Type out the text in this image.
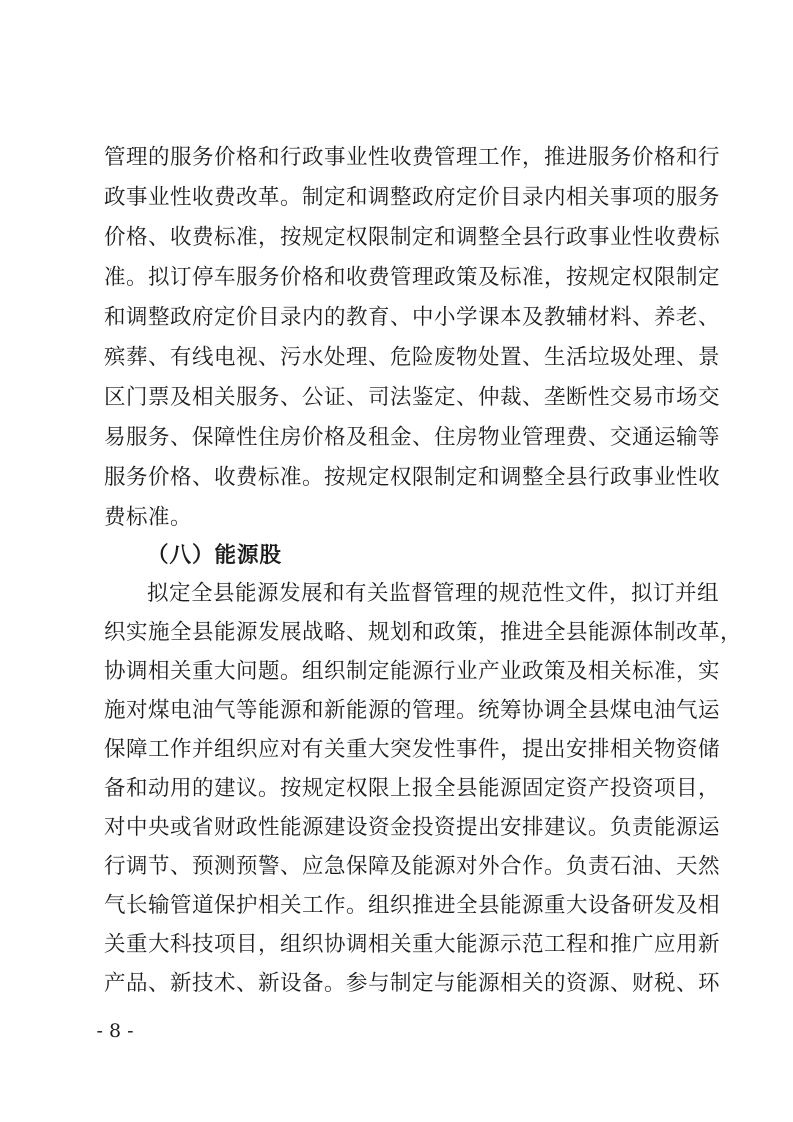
管理的服务价格和行政事业性收费管理工作，推进服务价格和行
政事业性收费改革。制定和调整政府定价目录内相关事项的服务
价格、收费标准，按规定权限制定和调整全县行政事业性收费标
准。拟订停车服务价格和收费管理政策及标准，按规定权限制定
和调整政府定价目录内的教育、中小学课本及教辅材料、养老、
殡葬、有线电视、污水处理、危险废物处置、生活垃圾处理、景
区门票及相关服务、公证、司法鉴定、仲裁、垄断性交易市场交
易服务、保障性住房价格及租金、住房物业管理费、交通运输等
服务价格、收费标准。按规定权限制定和调整全县行政事业性收
费标准。
（八）能源股
拟定全县能源发展和有关监督管理的规范性文件，拟订并组
织实施全县能源发展战略、规划和政策，推进全县能源体制改革，
协调相关重大问题。组织制定能源行业产业政策及相关标准，实
施对煤电油气等能源和新能源的管理。统筹协调全县煤电油气运
保障工作并组织应对有关重大突发性事件，提出安排相关物资储
备和动用的建议。按规定权限上报全县能源固定资产投资项目，
对中央或省财政性能源建设资金投资提出安排建议。负责能源运
行调节、预测预警、应急保障及能源对外合作。负责石油、天然
气长输管道保护相关工作。组织推进全县能源重大设备研发及相
关重大科技项目，组织协调相关重大能源示范工程和推广应用新
产品、新技术、新设备。参与制定与能源相关的资源、财税、环
- 8 -
